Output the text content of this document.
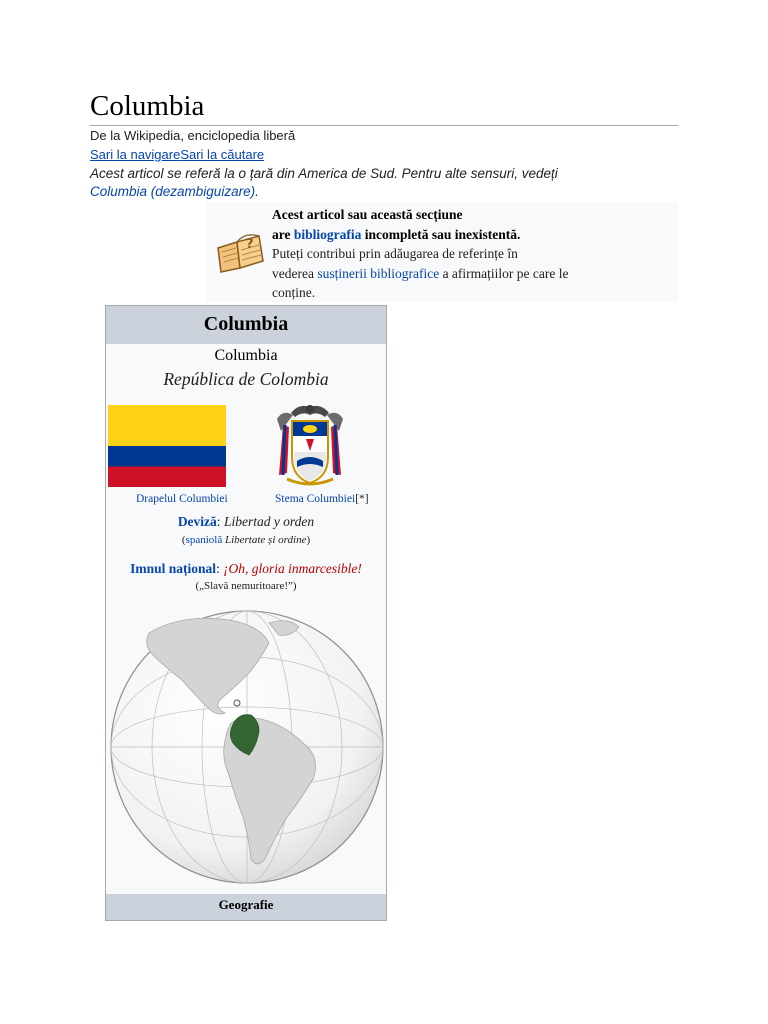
Columbia
De la Wikipedia, enciclopedia liberă
Sari la navigareSari la căutare
Acest articol se referă la o țară din America de Sud. Pentru alte sensuri, vedeți Columbia (dezambiguizare).
?
Acest articol sau această secțiune
are bibliografia incompletă sau inexistentă.
Puteți contribui prin adăugarea de referințe în
vederea susținerii bibliografice a afirmațiilor pe care le
conține.
Columbia
Columbia
República de Colombia
Drapelul Columbiei	Stema Columbiei[*]
Deviză: Libertad y orden
(spaniolă Libertate și ordine)
Imnul național: ¡Oh, gloria inmarcesible!
(„Slavă nemuritoare!”)
Geografie
